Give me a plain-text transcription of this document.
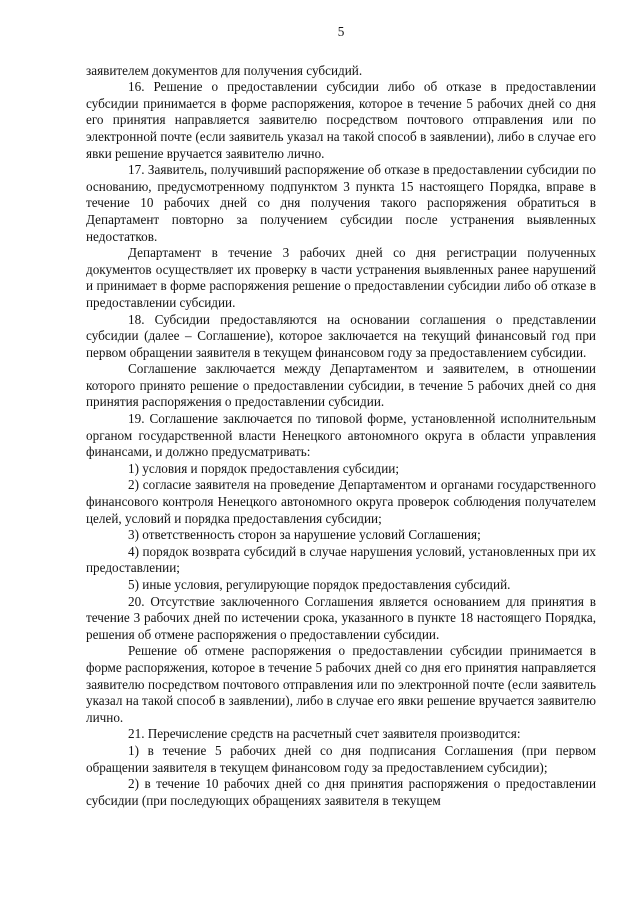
5

заявителем документов для получения субсидий.

16. Решение о предоставлении субсидии либо об отказе в предоставлении субсидии принимается в форме распоряжения, которое в течение 5 рабочих дней со дня его принятия направляется заявителю посредством почтового отправления или по электронной почте (если заявитель указал на такой способ в заявлении), либо в случае его явки решение вручается заявителю лично.

17. Заявитель, получивший распоряжение об отказе в предоставлении субсидии по основанию, предусмотренному подпунктом 3 пункта 15 настоящего Порядка, вправе в течение 10 рабочих дней со дня получения такого распоряжения обратиться в Департамент повторно за получением субсидии после устранения выявленных недостатков.

Департамент в течение 3 рабочих дней со дня регистрации полученных документов осуществляет их проверку в части устранения выявленных ранее нарушений и принимает в форме распоряжения решение о предоставлении субсидии либо об отказе в предоставлении субсидии.

18. Субсидии предоставляются на основании соглашения о представлении субсидии (далее – Соглашение), которое заключается на текущий финансовый год при первом обращении заявителя в текущем финансовом году за предоставлением субсидии.

Соглашение заключается между Департаментом и заявителем, в отношении которого принято решение о предоставлении субсидии, в течение 5 рабочих дней со дня принятия распоряжения о предоставлении субсидии.

19. Соглашение заключается по типовой форме, установленной исполнительным органом государственной власти Ненецкого автономного округа в области управления финансами, и должно предусматривать:

1) условия и порядок предоставления субсидии;

2) согласие заявителя на проведение Департаментом и органами государственного финансового контроля Ненецкого автономного округа проверок соблюдения получателем целей, условий и порядка предоставления субсидии;

3) ответственность сторон за нарушение условий Соглашения;

4) порядок возврата субсидий в случае нарушения условий, установленных при их предоставлении;

5) иные условия, регулирующие порядок предоставления субсидий.

20. Отсутствие заключенного Соглашения является основанием для принятия в течение 3 рабочих дней по истечении срока, указанного в пункте 18 настоящего Порядка, решения об отмене распоряжения о предоставлении субсидии.

Решение об отмене распоряжения о предоставлении субсидии принимается в форме распоряжения, которое в течение 5 рабочих дней со дня его принятия направляется заявителю посредством почтового отправления или по электронной почте (если заявитель указал на такой способ в заявлении), либо в случае его явки решение вручается заявителю лично.

21. Перечисление средств на расчетный счет заявителя производится:

1) в течение 5 рабочих дней со дня подписания Соглашения (при первом обращении заявителя в текущем финансовом году за предоставлением субсидии);

2) в течение 10 рабочих дней со дня принятия распоряжения о предоставлении субсидии (при последующих обращениях заявителя в текущем
